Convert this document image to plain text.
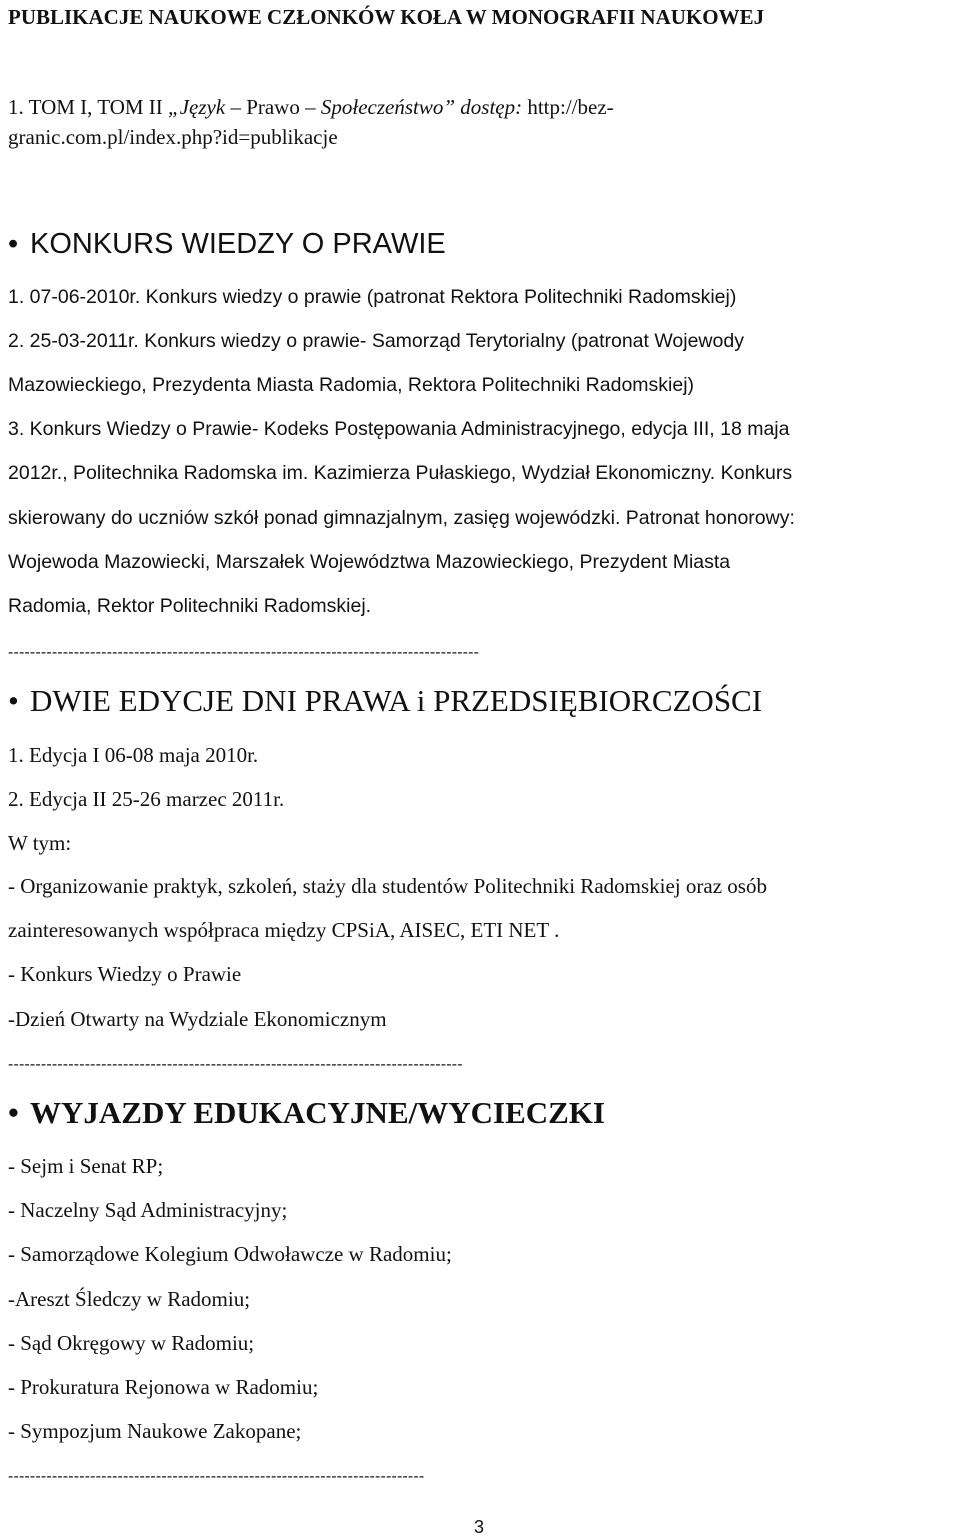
PUBLIKACJE NAUKOWE CZŁONKÓW KOŁA W MONOGRAFII NAUKOWEJ
1. TOM I, TOM II „Język – Prawo – Społeczeństwo” dostęp: http://bez-
granic.com.pl/index.php?id=publikacje
• KONKURS WIEDZY O PRAWIE
1. 07-06-2010r. Konkurs wiedzy o prawie (patronat Rektora Politechniki Radomskiej)
2. 25-03-2011r. Konkurs wiedzy o prawie- Samorząd Terytorialny (patronat Wojewody
Mazowieckiego, Prezydenta Miasta Radomia, Rektora Politechniki Radomskiej)
3. Konkurs Wiedzy o Prawie- Kodeks Postępowania Administracyjnego, edycja III, 18 maja
2012r., Politechnika Radomska im. Kazimierza Pułaskiego, Wydział Ekonomiczny. Konkurs
skierowany do uczniów szkół ponad gimnazjalnym, zasięg wojewódzki. Patronat honorowy:
Wojewoda Mazowiecki, Marszałek Województwa Mazowieckiego, Prezydent Miasta
Radomia, Rektor Politechniki Radomskiej.
--------------------------------------------------------------------------------------
• DWIE EDYCJE DNI PRAWA i PRZEDSIĘBIORCZOŚCI
1. Edycja I 06-08 maja 2010r.
2. Edycja II 25-26 marzec 2011r.
W tym:
- Organizowanie praktyk, szkoleń, staży dla studentów Politechniki Radomskiej oraz osób
zainteresowanych współpraca między CPSiA, AISEC, ETI NET .
- Konkurs Wiedzy o Prawie
-Dzień Otwarty na Wydziale Ekonomicznym
-----------------------------------------------------------------------------------
• WYJAZDY EDUKACYJNE/WYCIECZKI
- Sejm i Senat RP;
- Naczelny Sąd Administracyjny;
- Samorządowe Kolegium Odwoławcze w Radomiu;
-Areszt Śledczy w Radomiu;
- Sąd Okręgowy w Radomiu;
- Prokuratura Rejonowa w Radomiu;
- Sympozjum Naukowe Zakopane;
----------------------------------------------------------------------------
3
